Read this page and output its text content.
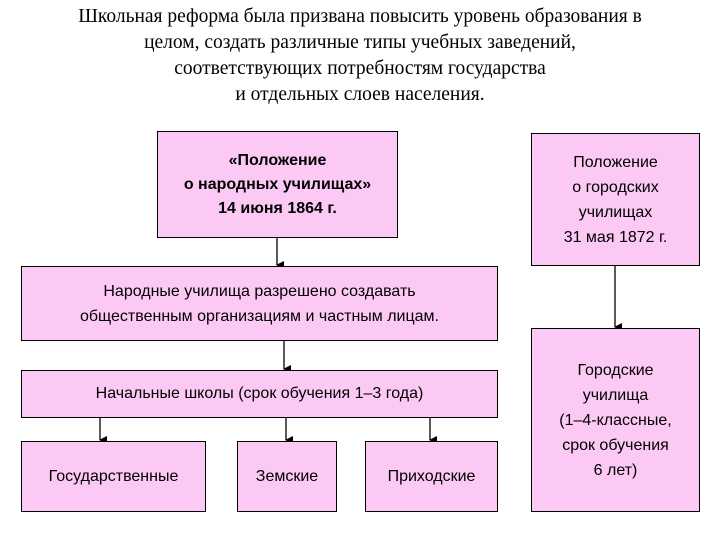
Школьная реформа была призвана повысить уровень образования в
целом, создать различные типы учебных заведений,
соответствующих потребностям государства
и отдельных слоев населения.
«Положение
о народных училищах»
14 июня 1864 г.
Положение
о городских
училищах
31 мая 1872 г.
Народные училища разрешено создавать
общественным организациям и частным лицам.
Начальные школы (срок обучения 1–3 года)
Государственные	Земские	Приходские
Городские
училища
(1–4-классные,
срок обучения
6 лет)
